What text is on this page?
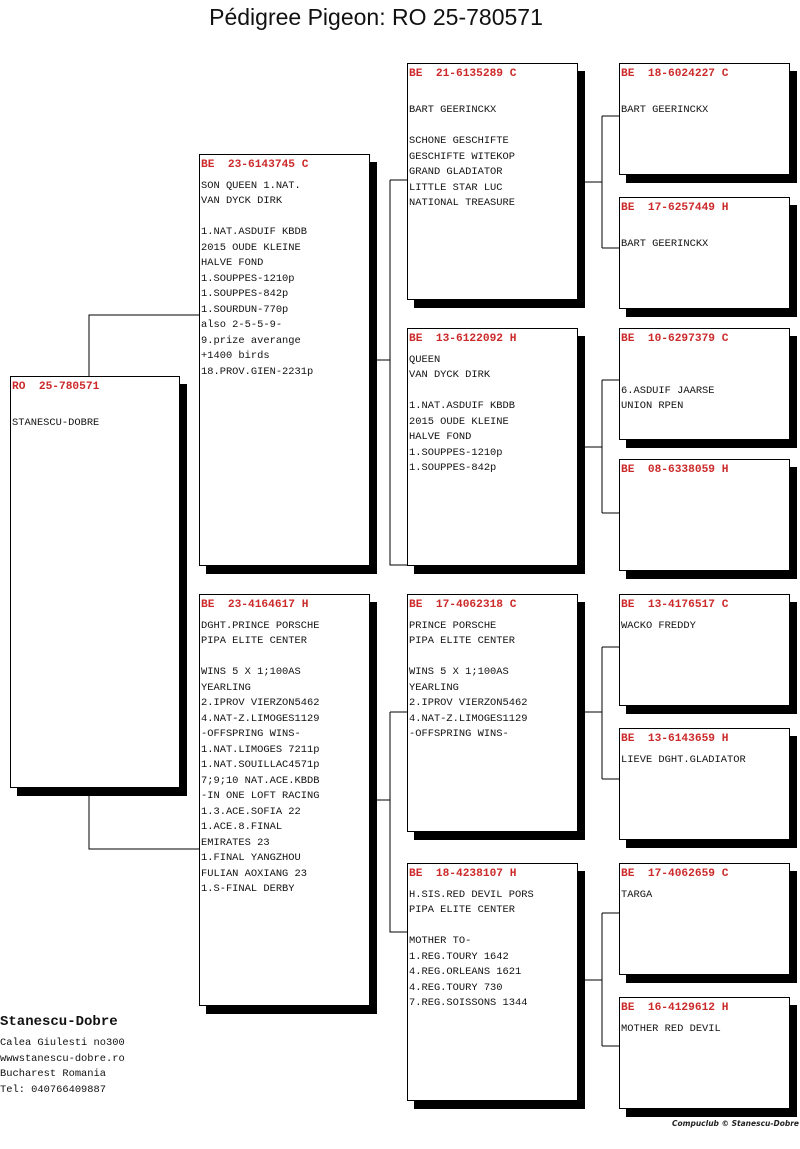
Pédigree Pigeon: RO 25-780571
RO  25-780571
STANESCU-DOBRE
BE  23-6143745 C
SON QUEEN 1.NAT.
VAN DYCK DIRK
1.NAT.ASDUIF KBDB
2015 OUDE KLEINE
HALVE FOND
1.SOUPPES-1210p
1.SOUPPES-842p
1.SOURDUN-770p
also 2-5-5-9-
9.prize averange
+1400 birds
18.PROV.GIEN-2231p
BE  23-4164617 H
DGHT.PRINCE PORSCHE
PIPA ELITE CENTER
WINS 5 X 1;100AS
YEARLING
2.IPROV VIERZON5462
4.NAT-Z.LIMOGES1129
-OFFSPRING WINS-
1.NAT.LIMOGES 7211p
1.NAT.SOUILLAC4571p
7;9;10 NAT.ACE.KBDB
-IN ONE LOFT RACING
1.3.ACE.SOFIA 22
1.ACE.8.FINAL
EMIRATES 23
1.FINAL YANGZHOU
FULIAN AOXIANG 23
1.S-FINAL DERBY
BE  21-6135289 C
BART GEERINCKX
SCHONE GESCHIFTE
GESCHIFTE WITEKOP
GRAND GLADIATOR
LITTLE STAR LUC
NATIONAL TREASURE
BE  13-6122092 H
QUEEN
VAN DYCK DIRK
1.NAT.ASDUIF KBDB
2015 OUDE KLEINE
HALVE FOND
1.SOUPPES-1210p
1.SOUPPES-842p
BE  17-4062318 C
PRINCE PORSCHE
PIPA ELITE CENTER
WINS 5 X 1;100AS
YEARLING
2.IPROV VIERZON5462
4.NAT-Z.LIMOGES1129
-OFFSPRING WINS-
BE  18-4238107 H
H.SIS.RED DEVIL PORS
PIPA ELITE CENTER
MOTHER TO-
1.REG.TOURY 1642
4.REG.ORLEANS 1621
4.REG.TOURY 730
7.REG.SOISSONS 1344
BE  18-6024227 C
BART GEERINCKX
BE  17-6257449 H
BART GEERINCKX
BE  10-6297379 C
6.ASDUIF JAARSE
UNION RPEN
BE  08-6338059 H
BE  13-4176517 C
WACKO FREDDY
BE  13-6143659 H
LIEVE DGHT.GLADIATOR
BE  17-4062659 C
TARGA
BE  16-4129612 H
MOTHER RED DEVIL
Stanescu-Dobre
Calea Giulesti no300
wwwstanescu-dobre.ro
Bucharest Romania
Tel: 040766409887
Compuclub © Stanescu-Dobre
